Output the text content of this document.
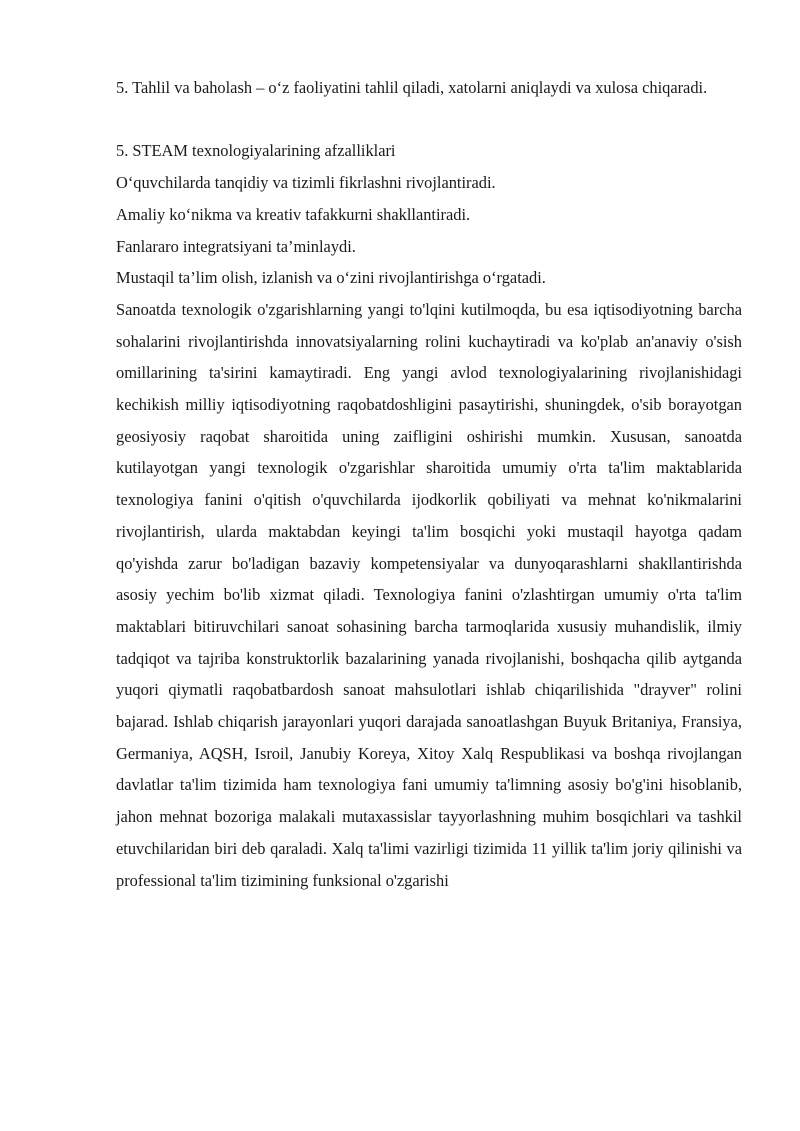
5. Tahlil va baholash – o‘z faoliyatini tahlil qiladi, xatolarni aniqlaydi va xulosa chiqaradi.

5. STEAM texnologiyalarining afzalliklari

O‘quvchilarda tanqidiy va tizimli fikrlashni rivojlantiradi.

Amaliy ko‘nikma va kreativ tafakkurni shakllantiradi.

Fanlararo integratsiyani ta’minlaydi.

Mustaqil ta’lim olish, izlanish va o‘zini rivojlantirishga o‘rgatadi.

Sanoatda texnologik o'zgarishlarning yangi to'lqini kutilmoqda, bu esa iqtisodiyotning barcha sohalarini rivojlantirishda innovatsiyalarning rolini kuchaytiradi va ko'plab an'anaviy o'sish omillarining ta'sirini kamaytiradi. Eng yangi avlod texnologiyalarining rivojlanishidagi kechikish milliy iqtisodiyotning raqobatdoshligini pasaytirishi, shuningdek, o'sib borayotgan geosiyosiy raqobat sharoitida uning zaifligini oshirishi mumkin. Xususan, sanoatda kutilayotgan yangi texnologik o'zgarishlar sharoitida umumiy o'rta ta'lim maktablarida texnologiya fanini o'qitish o'quvchilarda ijodkorlik qobiliyati va mehnat ko'nikmalarini rivojlantirish, ularda maktabdan keyingi ta'lim bosqichi yoki mustaqil hayotga qadam qo'yishda zarur bo'ladigan bazaviy kompetensiyalar va dunyoqarashlarni shakllantirishda asosiy yechim bo'lib xizmat qiladi. Texnologiya fanini o'zlashtirgan umumiy o'rta ta'lim maktablari bitiruvchilari sanoat sohasining barcha tarmoqlarida xususiy muhandislik, ilmiy tadqiqot va tajriba konstruktorlik bazalarining yanada rivojlanishi, boshqacha qilib aytganda yuqori qiymatli raqobatbardosh sanoat mahsulotlari ishlab chiqarilishida "drayver" rolini bajarad. Ishlab chiqarish jarayonlari yuqori darajada sanoatlashgan Buyuk Britaniya, Fransiya, Germaniya, AQSH, Isroil, Janubiy Koreya, Xitoy Xalq Respublikasi va boshqa rivojlangan davlatlar ta'lim tizimida ham texnologiya fani umumiy ta'limning asosiy bo'g'ini hisoblanib, jahon mehnat bozoriga malakali mutaxassislar tayyorlashning muhim bosqichlari va tashkil etuvchilaridan biri deb qaraladi. Xalq ta'limi vazirligi tizimida 11 yillik ta'lim joriy qilinishi va professional ta'lim tizimining funksional o'zgarishi
